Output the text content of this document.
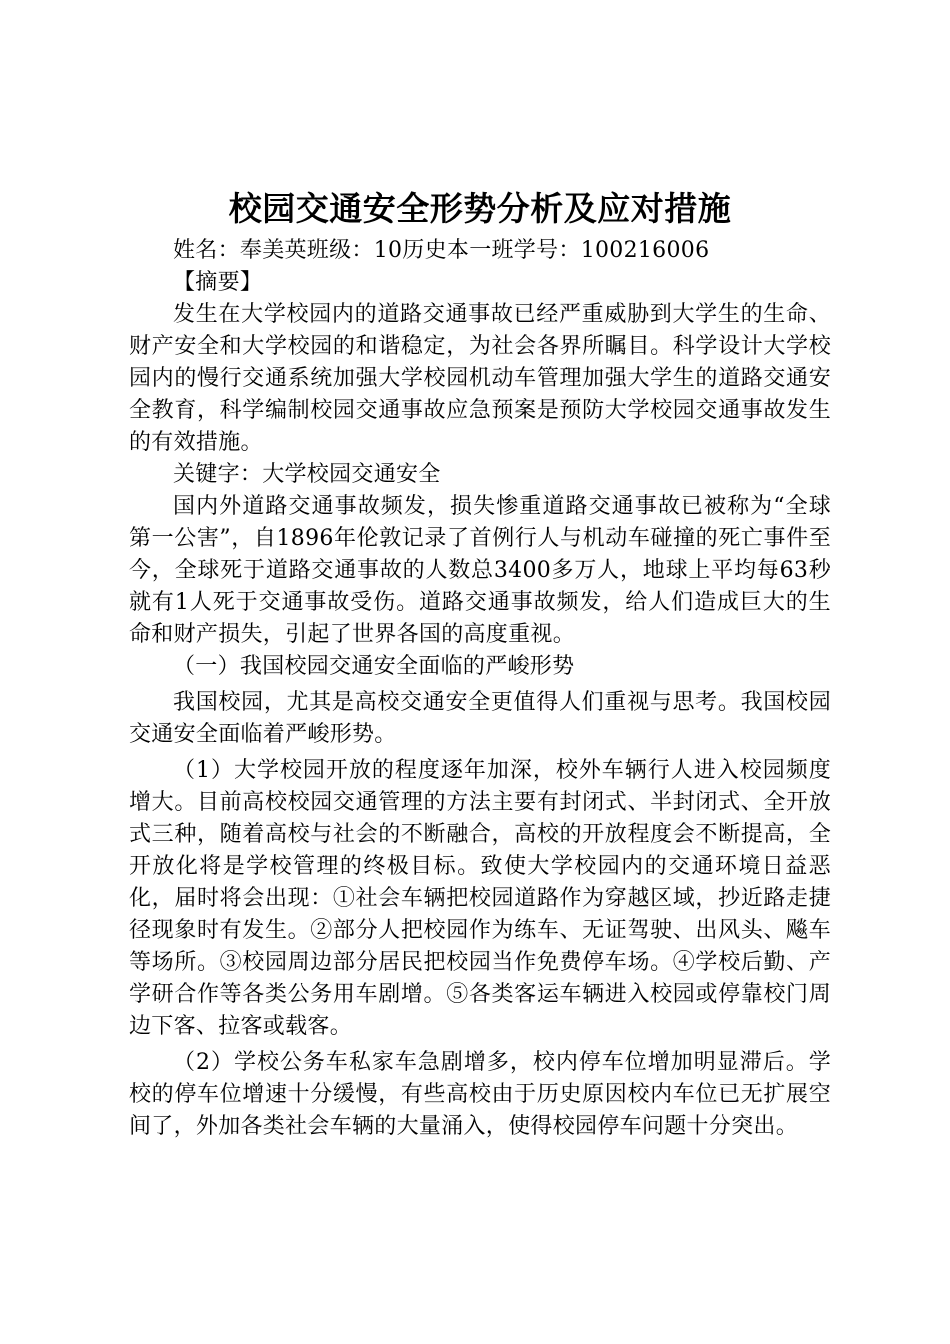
校园交通安全形势分析及应对措施

姓名：奉美英班级：10历史本一班学号：100216006

【摘要】

发生在大学校园内的道路交通事故已经严重威胁到大学生的生命、财产安全和大学校园的和谐稳定，为社会各界所瞩目。科学设计大学校园内的慢行交通系统加强大学校园机动车管理加强大学生的道路交通安全教育，科学编制校园交通事故应急预案是预防大学校园交通事故发生的有效措施。

关键字：大学校园交通安全

国内外道路交通事故频发，损失惨重道路交通事故已被称为“全球第一公害”，自1896年伦敦记录了首例行人与机动车碰撞的死亡事件至今，全球死于道路交通事故的人数总3400多万人，地球上平均每63秒就有1人死于交通事故受伤。道路交通事故频发，给人们造成巨大的生命和财产损失，引起了世界各国的高度重视。

（一）我国校园交通安全面临的严峻形势

我国校园，尤其是高校交通安全更值得人们重视与思考。我国校园交通安全面临着严峻形势。

（1）大学校园开放的程度逐年加深，校外车辆行人进入校园频度增大。目前高校校园交通管理的方法主要有封闭式、半封闭式、全开放式三种，随着高校与社会的不断融合，高校的开放程度会不断提高，全开放化将是学校管理的终极目标。致使大学校园内的交通环境日益恶化，届时将会出现：①社会车辆把校园道路作为穿越区域，抄近路走捷径现象时有发生。②部分人把校园作为练车、无证驾驶、出风头、飚车等场所。③校园周边部分居民把校园当作免费停车场。④学校后勤、产学研合作等各类公务用车剧增。⑤各类客运车辆进入校园或停靠校门周边下客、拉客或载客。

（2）学校公务车私家车急剧增多，校内停车位增加明显滞后。学校的停车位增速十分缓慢，有些高校由于历史原因校内车位已无扩展空间了，外加各类社会车辆的大量涌入，使得校园停车问题十分突出。
